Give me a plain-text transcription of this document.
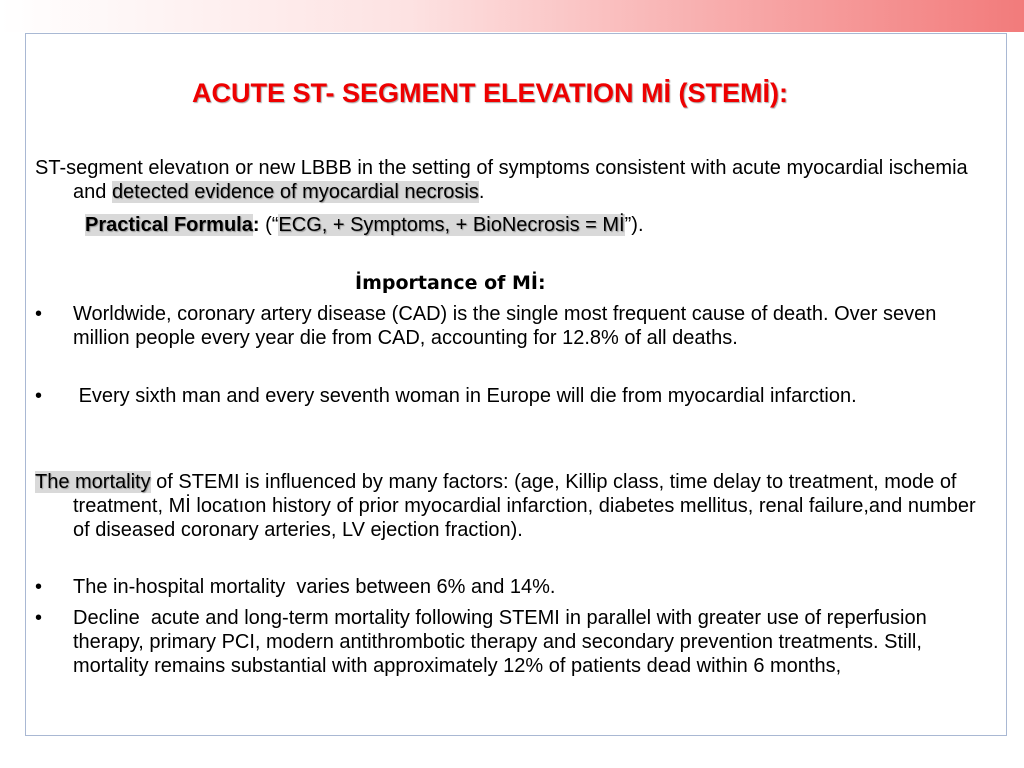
ACUTE ST- SEGMENT ELEVATION Mİ (STEMİ):
ST-segment elevatıon or new LBBB in the setting of symptoms consistent with acute myocardial ischemia and detected evidence of myocardial necrosis.
Practical Formula: (“ECG, + Symptoms, + BioNecrosis = Mİ”).
İmportance of Mİ:
•	Worldwide, coronary artery disease (CAD) is the single most frequent cause of death. Over seven million people every year die from CAD, accounting for 12.8% of all deaths.
•	Every sixth man and every seventh woman in Europe will die from myocardial infarction.
The mortality of STEMI is influenced by many factors: (age, Killip class, time delay to treatment, mode of treatment, Mİ locatıon history of prior myocardial infarction, diabetes mellitus, renal failure,and number of diseased coronary arteries, LV ejection fraction).
•	The in-hospital mortality  varies between 6% and 14%.
•	Decline  acute and long-term mortality following STEMI in parallel with greater use of reperfusion therapy, primary PCI, modern antithrombotic therapy and secondary prevention treatments. Still, mortality remains substantial with approximately 12% of patients dead within 6 months,
